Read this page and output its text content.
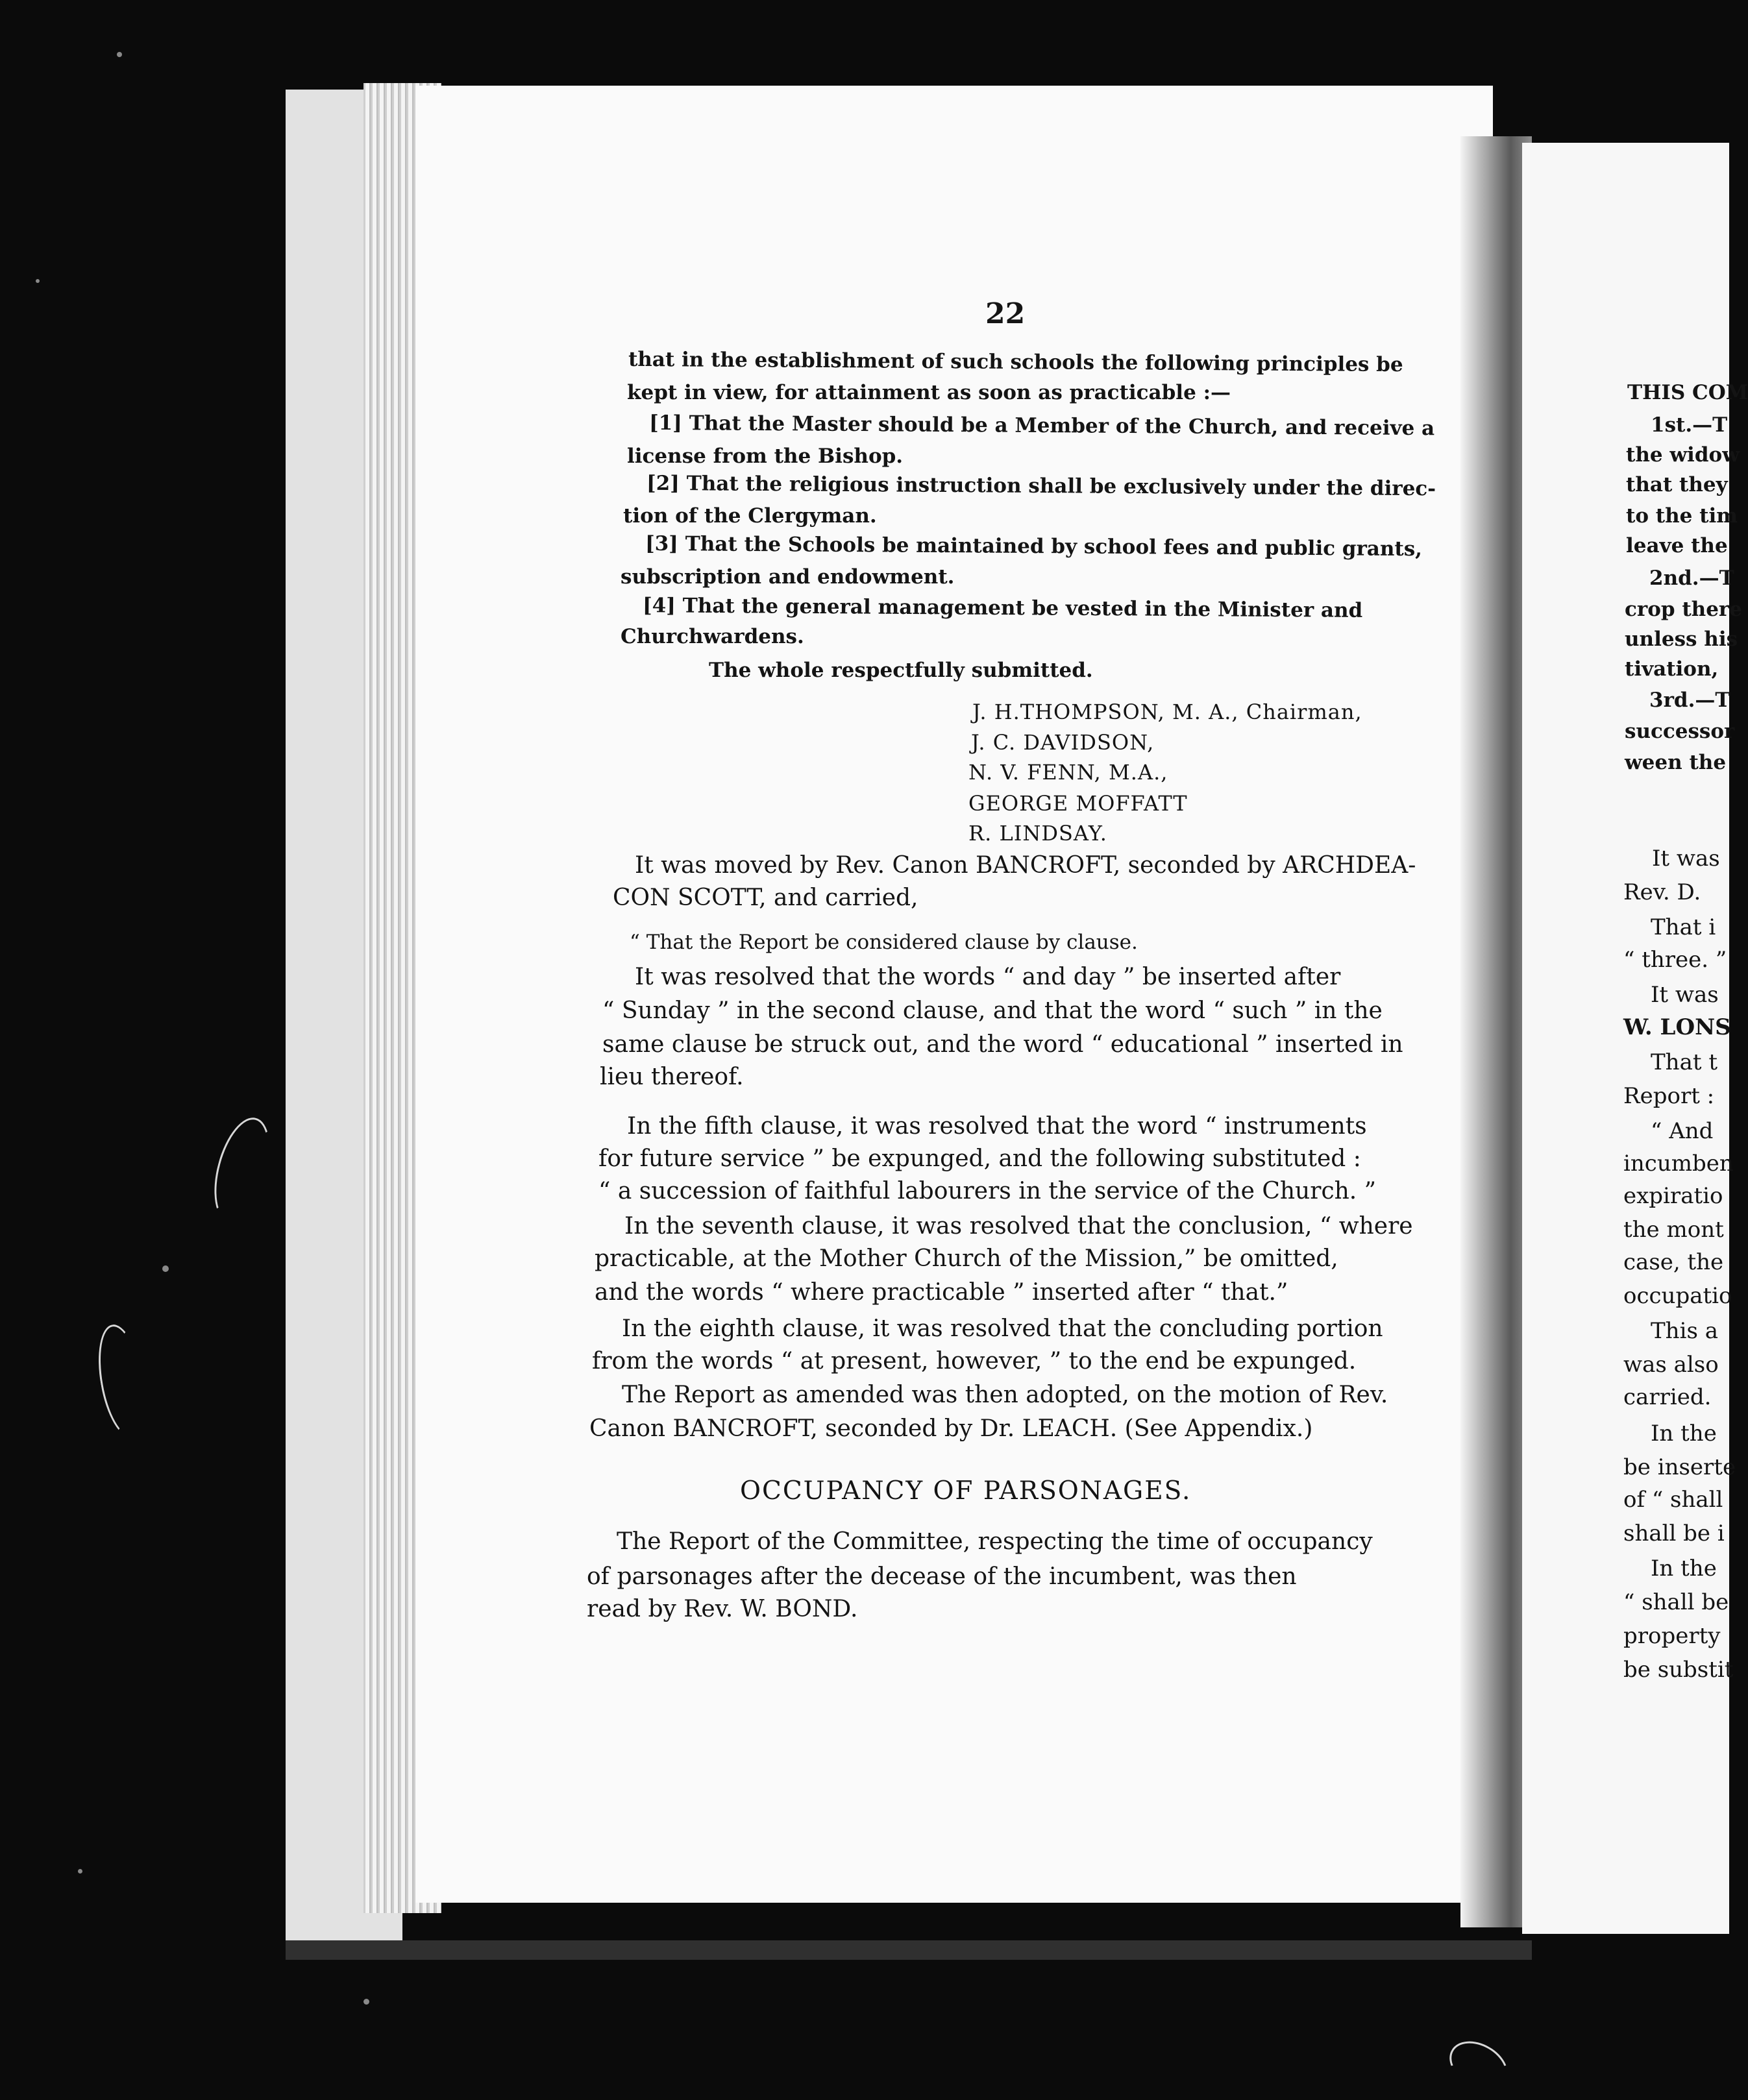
22
that in the establishment of such schools the following principles be
kept in view, for attainment as soon as practicable :—
[1] That the Master should be a Member of the Church, and receive a
license from the Bishop.
[2] That the religious instruction shall be exclusively under the direc-
tion of the Clergyman.
[3] That the Schools be maintained by school fees and public grants,
subscription and endowment.
[4] That the general management be vested in the Minister and
Churchwardens.
The whole respectfully submitted.
J. H.THOMPSON, M. A., Chairman,
J. C. DAVIDSON,
N. V. FENN, M.A.,
GEORGE MOFFATT
R. LINDSAY.
It was moved by Rev. Canon BANCROFT, seconded by ARCHDEA-
CON SCOTT, and carried,
“ That the Report be considered clause by clause.
It was resolved that the words “ and day ” be inserted after
“ Sunday ” in the second clause, and that the word “ such ” in the
same clause be struck out, and the word “ educational ” inserted in
lieu thereof.
In the fifth clause, it was resolved that the word “ instruments
for future service ” be expunged, and the following substituted :
“ a succession of faithful labourers in the service of the Church. ”
In the seventh clause, it was resolved that the conclusion, “ where
practicable, at the Mother Church of the Mission,” be omitted,
and the words “ where practicable ” inserted after “ that.”
In the eighth clause, it was resolved that the concluding portion
from the words “ at present, however, ” to the end be expunged.
The Report as amended was then adopted, on the motion of Rev.
Canon BANCROFT, seconded by Dr. LEACH. (See Appendix.)
OCCUPANCY OF PARSONAGES.
The Report of the Committee, respecting the time of occupancy
of parsonages after the decease of the incumbent, was then
read by Rev. W. BOND.
THIS COM
1st.—T
the widow
that they
to the tim
leave the
2nd.—T
crop there
unless his
tivation,
3rd.—T
successor
ween the
It was
Rev. D.
That i
“ three. ”
It was
W. LONS
That t
Report :
“ And
incumben
expiratio
the mont
case, the
occupatio
This a
was also
carried.
In the
be inserte
of “ shall
shall be i
In the
“ shall be
property
be substit
